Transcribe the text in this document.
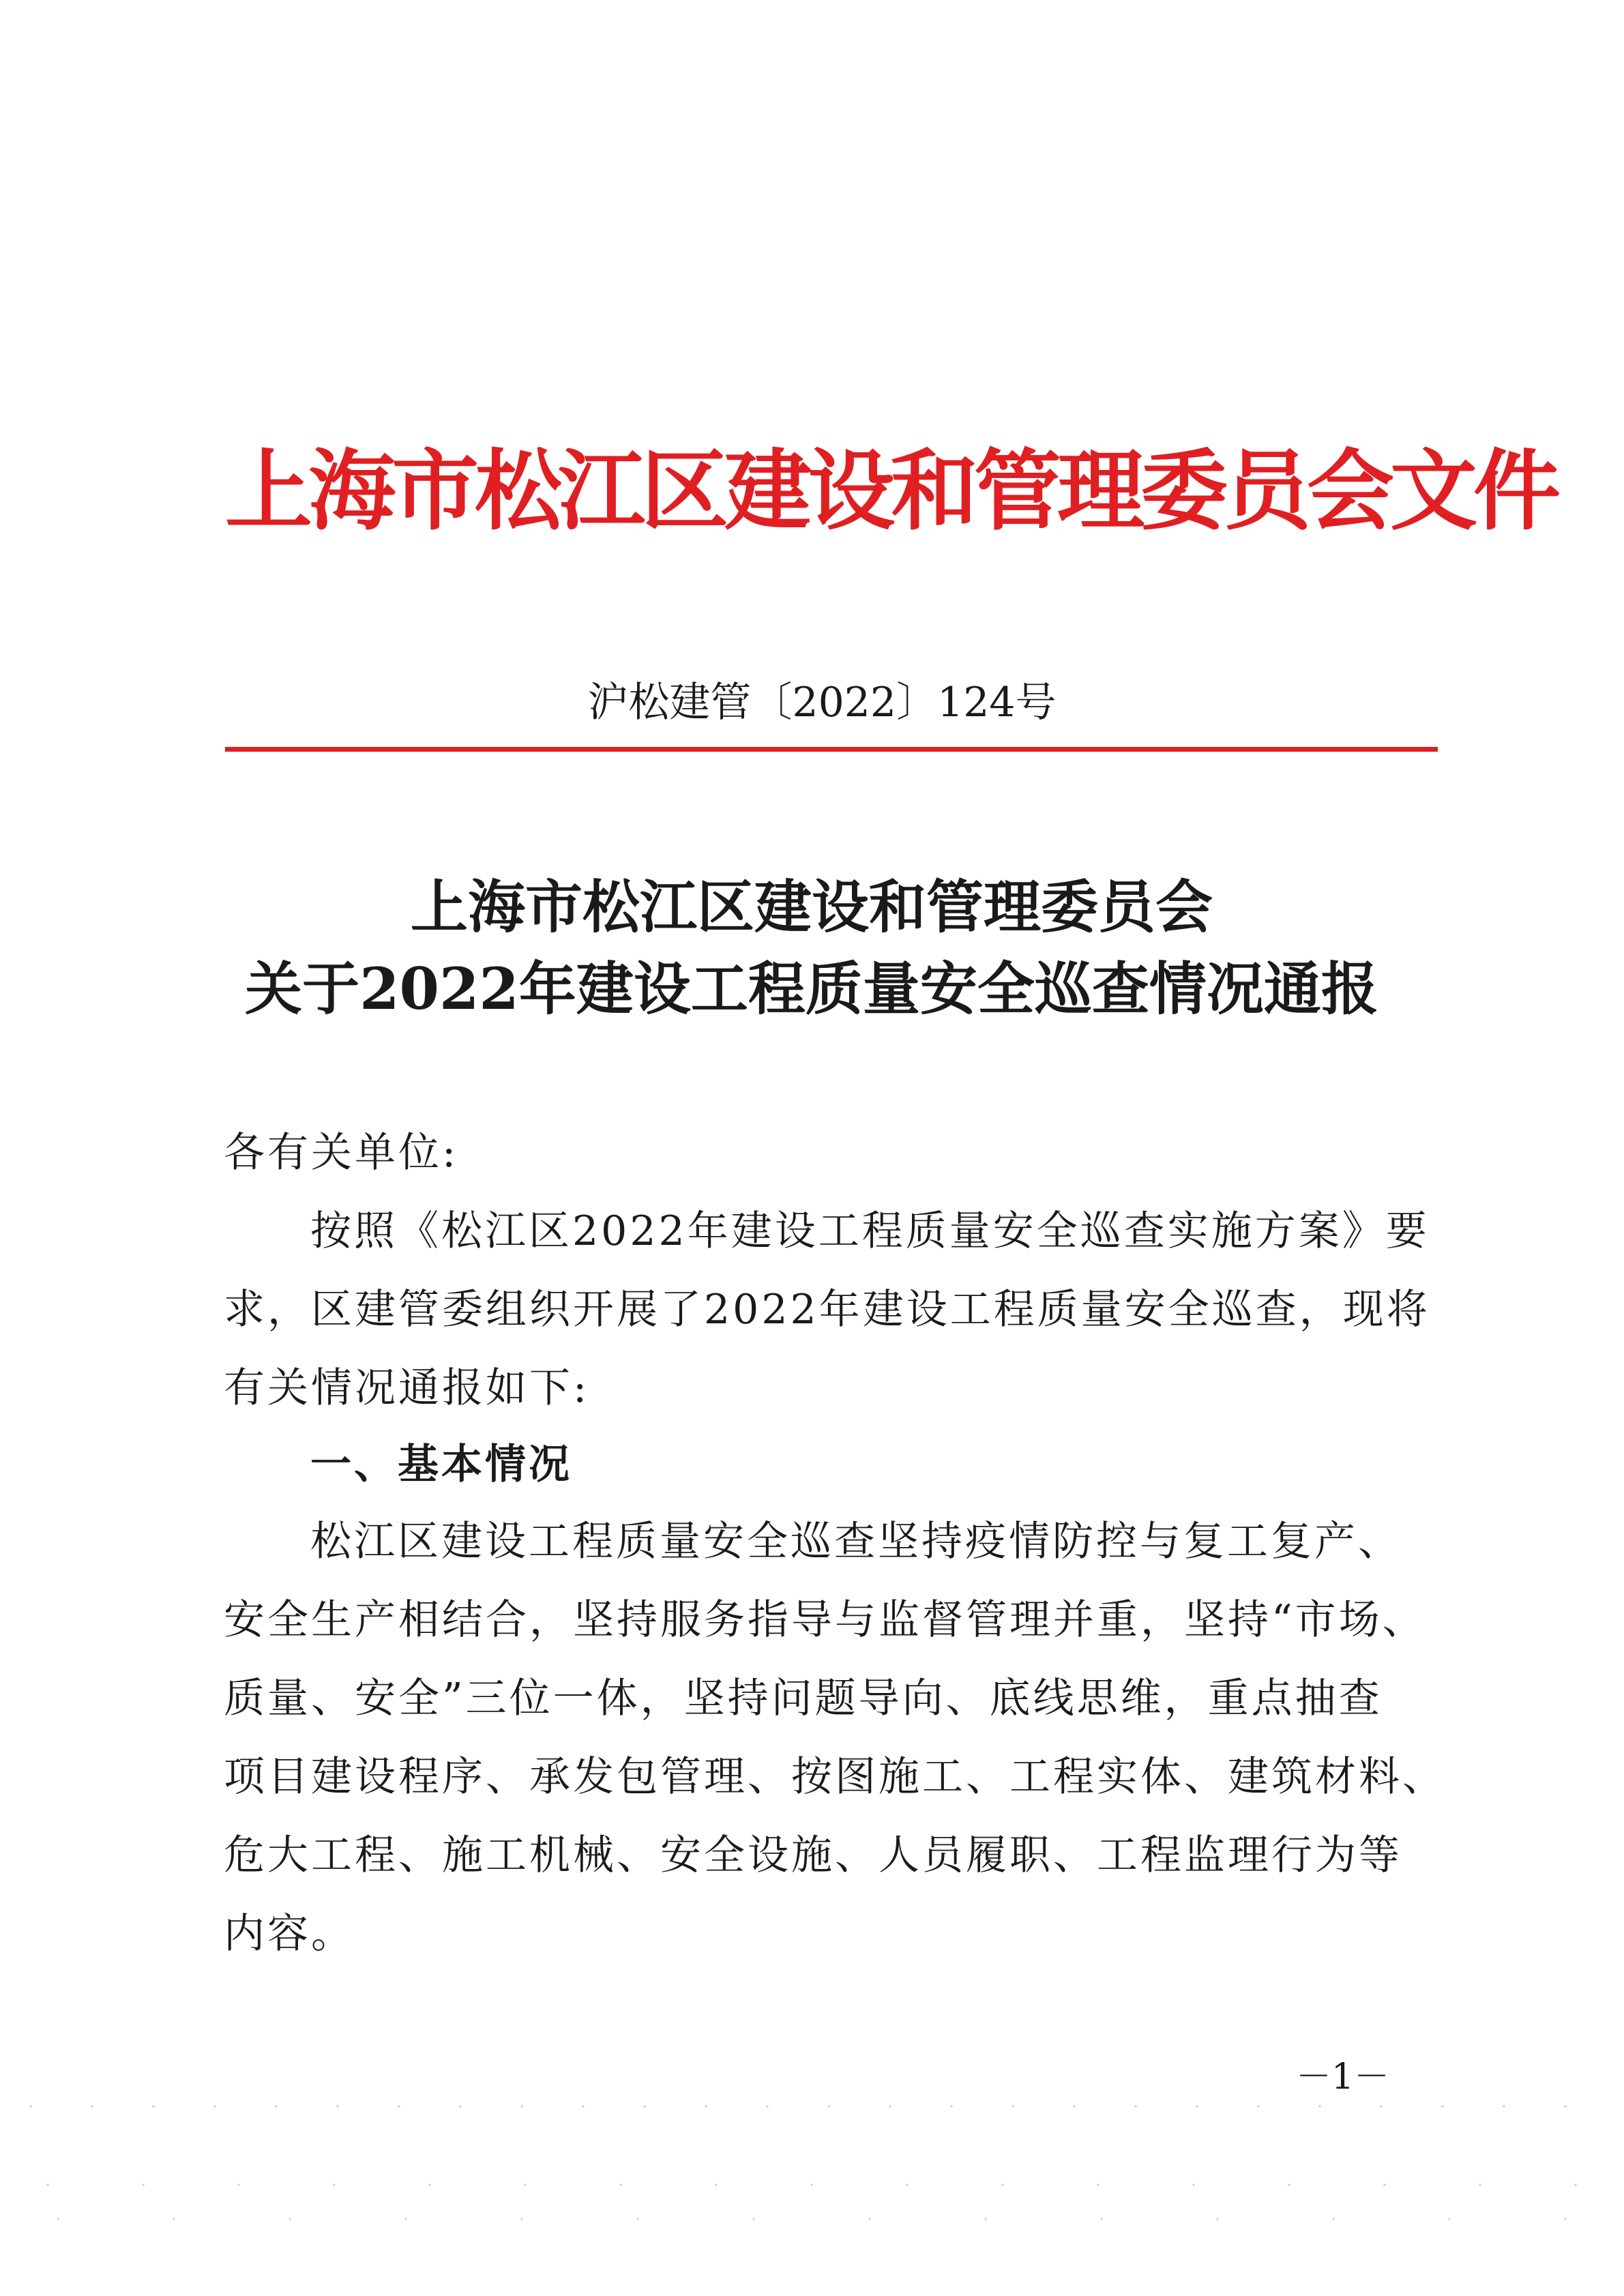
上海市松江区建设和管理委员会文件
沪松建管〔2022〕124号
上海市松江区建设和管理委员会
关于2022年建设工程质量安全巡查情况通报
各有关单位:
按照《松江区2022年建设工程质量安全巡查实施方案》要
求，区建管委组织开展了2022年建设工程质量安全巡查，现将
有关情况通报如下:
一、基本情况
松江区建设工程质量安全巡查坚持疫情防控与复工复产、
安全生产相结合，坚持服务指导与监督管理并重，坚持“市场、
质量、安全”三位一体，坚持问题导向、底线思维，重点抽查
项目建设程序、承发包管理、按图施工、工程实体、建筑材料、
危大工程、施工机械、安全设施、人员履职、工程监理行为等
内容。
－1－
